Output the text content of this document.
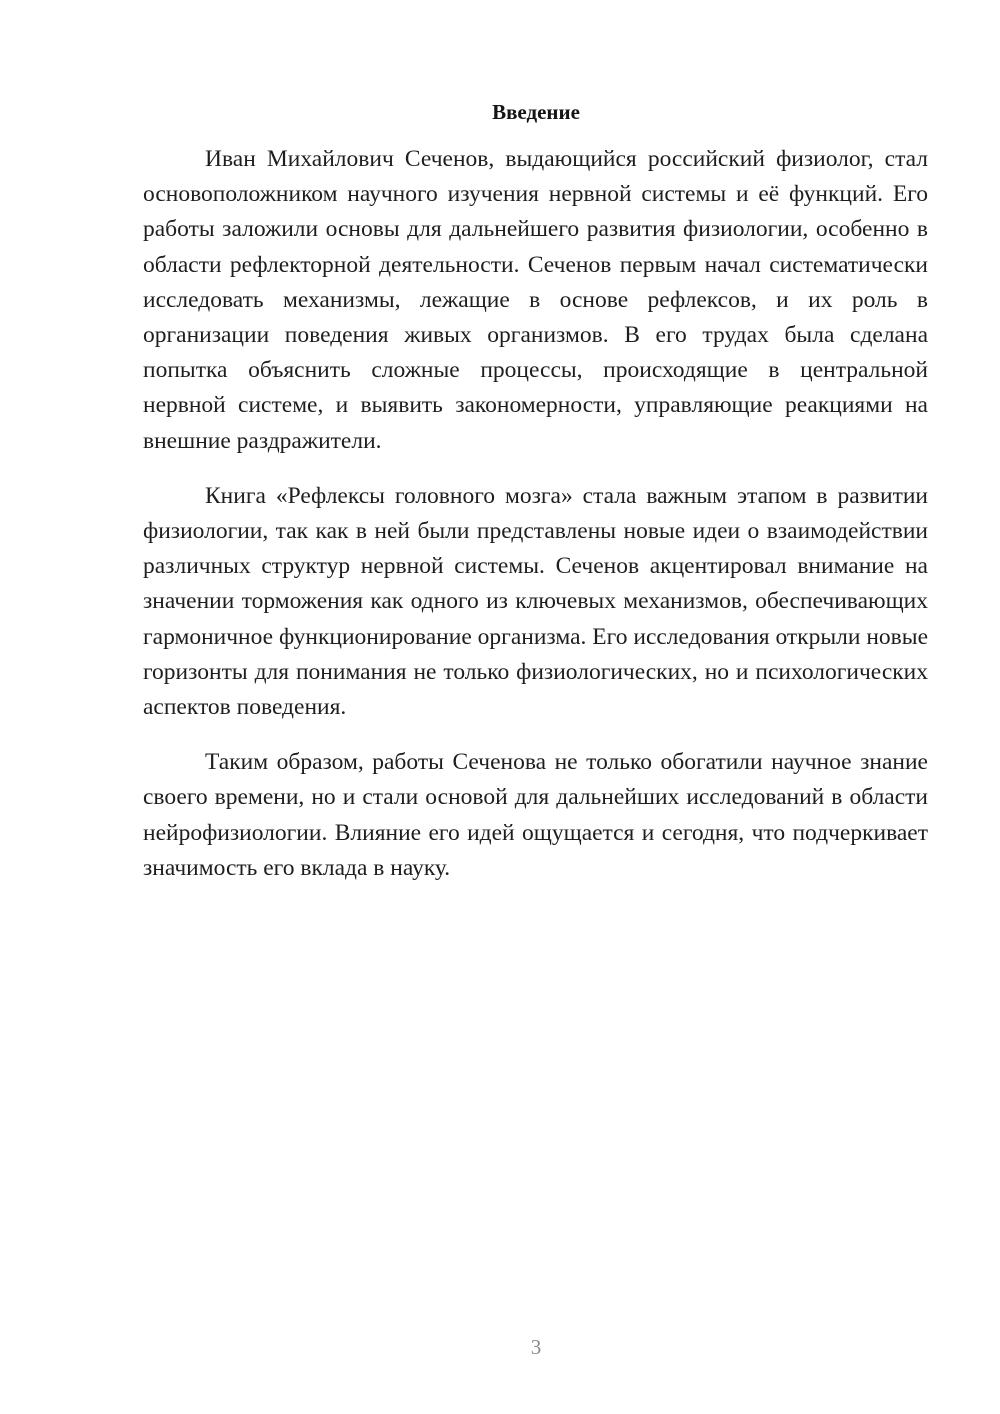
Введение

Иван Михайлович Сеченов, выдающийся российский физиолог, стал основоположником научного изучения нервной системы и её функций. Его работы заложили основы для дальнейшего развития физиологии, особенно в области рефлекторной деятельности. Сеченов первым начал систематически исследовать механизмы, лежащие в основе рефлексов, и их роль в организации поведения живых организмов. В его трудах была сделана попытка объяснить сложные процессы, происходящие в центральной нервной системе, и выявить закономерности, управляющие реакциями на внешние раздражители.

Книга «Рефлексы головного мозга» стала важным этапом в развитии физиологии, так как в ней были представлены новые идеи о взаимодействии различных структур нервной системы. Сеченов акцентировал внимание на значении торможения как одного из ключевых механизмов, обеспечивающих гармоничное функционирование организма. Его исследования открыли новые горизонты для понимания не только физиологических, но и психологических аспектов поведения.

Таким образом, работы Сеченова не только обогатили научное знание своего времени, но и стали основой для дальнейших исследований в области нейрофизиологии. Влияние его идей ощущается и сегодня, что подчеркивает значимость его вклада в науку.

3
